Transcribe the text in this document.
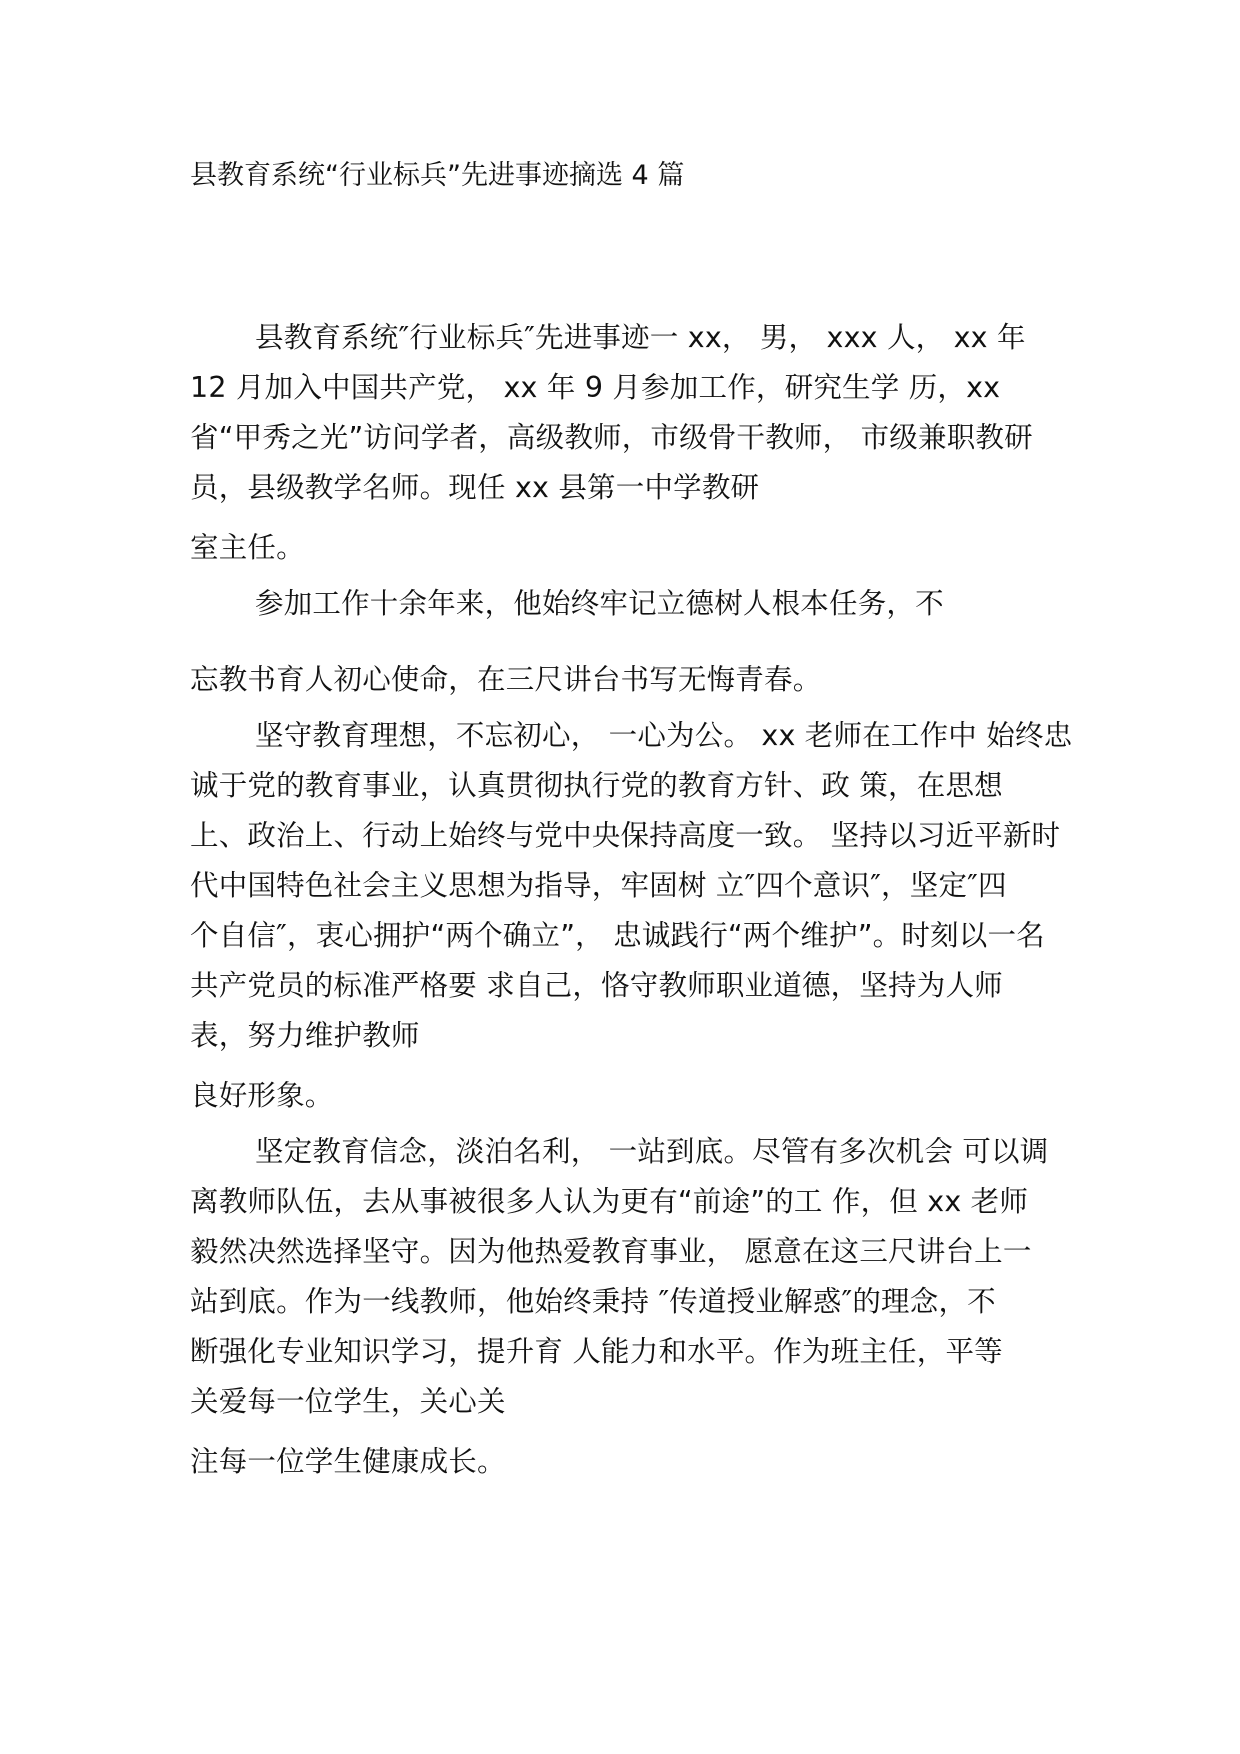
县教育系统“行业标兵”先进事迹摘选 4 篇
县教育系统″行业标兵″先进事迹一 xx， 男， xxx 人， xx 年
12 月加入中国共产党， xx 年 9 月参加工作，研究生学 历，xx
省“甲秀之光”访问学者，高级教师，市级骨干教师， 市级兼职教研
员，县级教学名师。现任 xx 县第一中学教研
室主任。
参加工作十余年来，他始终牢记立德树人根本任务，不
忘教书育人初心使命，在三尺讲台书写无悔青春。
坚守教育理想，不忘初心， 一心为公。 xx 老师在工作中 始终忠
诚于党的教育事业，认真贯彻执行党的教育方针、政 策，在思想
上、政治上、行动上始终与党中央保持高度一致。 坚持以习近平新时
代中国特色社会主义思想为指导，牢固树 立″四个意识″，坚定″四
个自信″，衷心拥护“两个确立”， 忠诚践行“两个维护”。时刻以一名
共产党员的标准严格要 求自己，恪守教师职业道德，坚持为人师
表，努力维护教师
良好形象。
坚定教育信念，淡泊名利， 一站到底。尽管有多次机会 可以调
离教师队伍，去从事被很多人认为更有“前途”的工 作，但 xx 老师
毅然决然选择坚守。因为他热爱教育事业， 愿意在这三尺讲台上一
站到底。作为一线教师，他始终秉持 ″传道授业解惑″的理念，不
断强化专业知识学习，提升育 人能力和水平。作为班主任，平等
关爱每一位学生，关心关
注每一位学生健康成长。
